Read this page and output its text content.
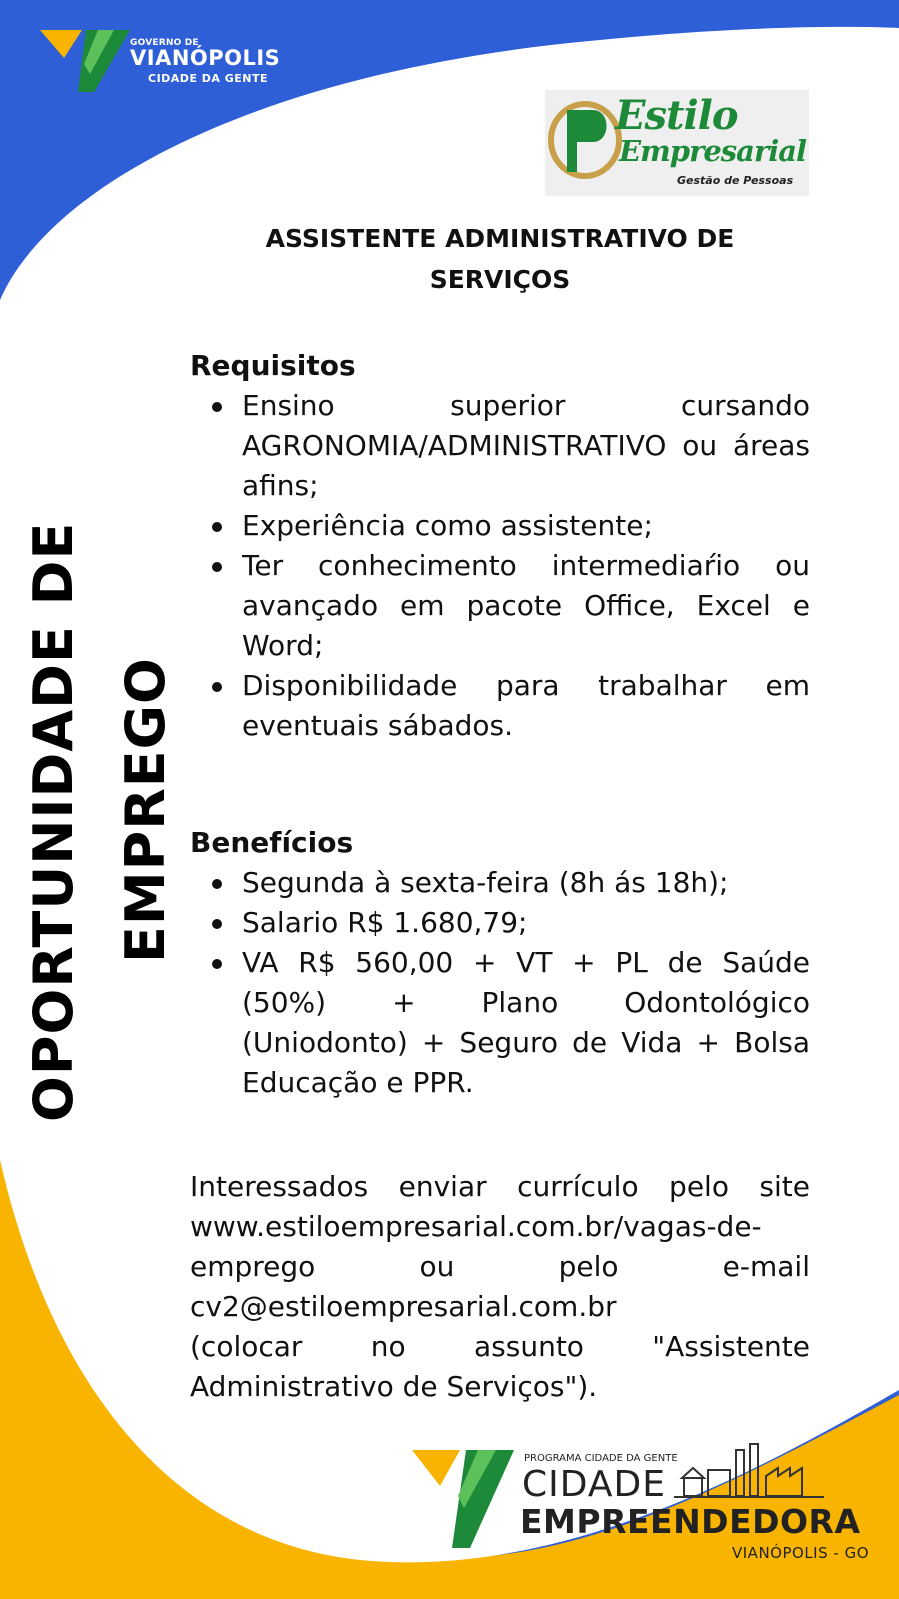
GOVERNO DE
VIANÓPOLIS
CIDADE DA GENTE
Estilo
Empresarial
Gestão de Pessoas
OPORTUNIDADE DE EMPREGO
ASSISTENTE ADMINISTRATIVO DE
SERVIÇOS
Requisitos
Ensino superior cursando AGRONOMIA/ADMINISTRATIVO ou áreas afins;
Experiência como assistente;
Ter conhecimento intermediaŕio ou avançado em pacote Office, Excel e Word;
Disponibilidade para trabalhar em eventuais sábados.
Benefícios
Segunda à sexta-feira (8h ás 18h);
Salario R$ 1.680,79;
VA R$ 560,00 + VT + PL de Saúde (50%) + Plano Odontológico (Uniodonto) + Seguro de Vida + Bolsa Educação e PPR.

Interessados enviar currículo pelo site www.estiloempresarial.com.br/vagas-de-emprego ou pelo e-mail cv2@estiloempresarial.com.br

(colocar no assunto "Assistente Administrativo de Serviços").

PROGRAMA CIDADE DA GENTE
CIDADE
EMPREENDEDORA
VIANÓPOLIS - GO
